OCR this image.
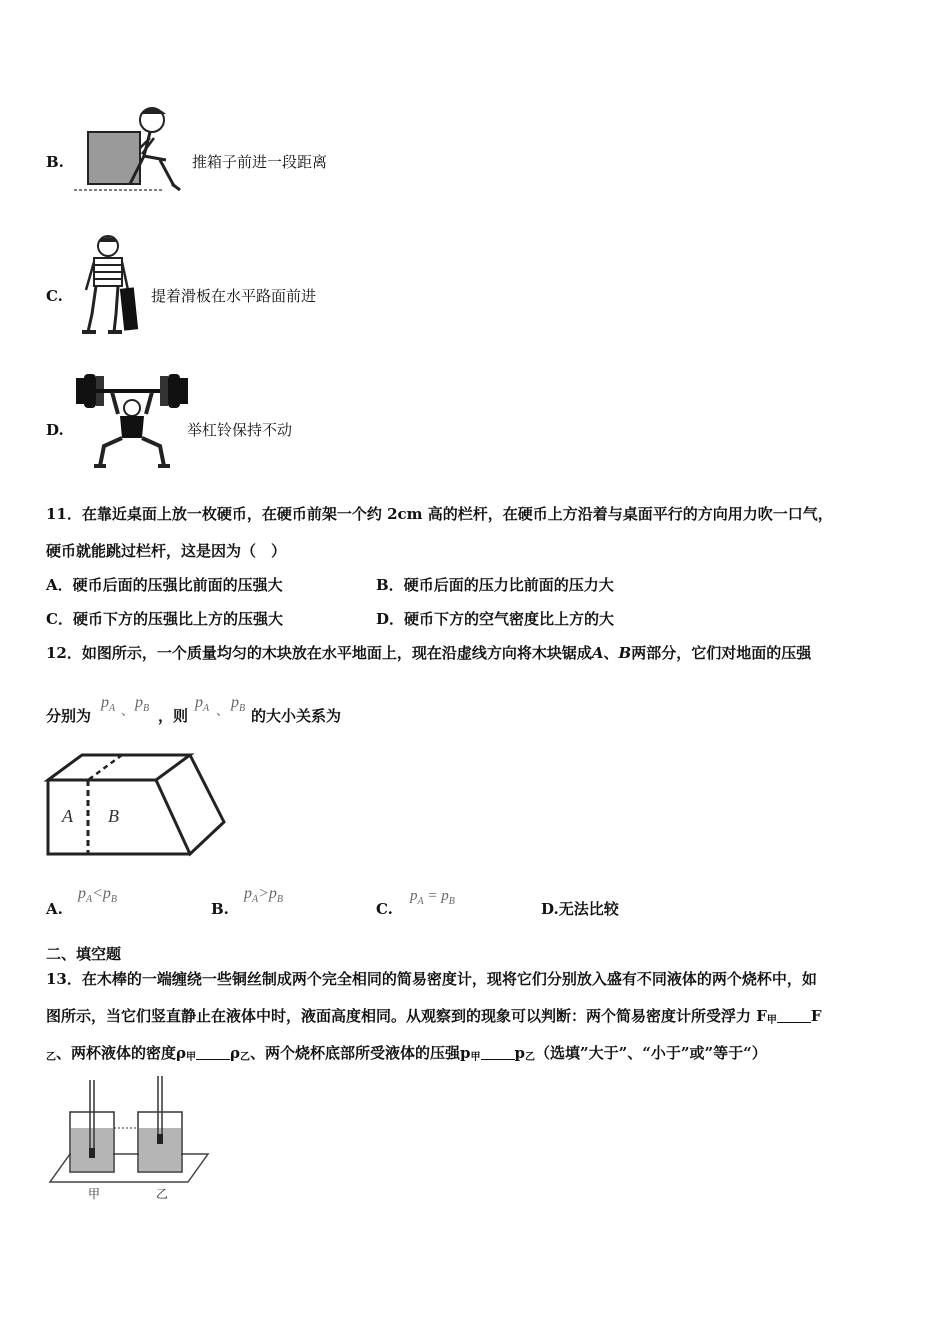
B.	推箱子前进一段距离
C.	提着滑板在水平路面前进
D.	举杠铃保持不动
11．在靠近桌面上放一枚硬币，在硬币前架一个约 2cm 高的栏杆，在硬币上方沿着与桌面平行的方向用力吹一口气，
硬币就能跳过栏杆，这是因为（　）
A．硬币后面的压强比前面的压强大	B．硬币后面的压力比前面的压力大
C．硬币下方的压强比上方的压强大	D．硬币下方的空气密度比上方的大
12．如图所示，一个质量均匀的木块放在水平地面上，现在沿虚线方向将木块锯成A、B两部分，它们对地面的压强
分别为
$p_A$ 、
$p_B$ ，则
$p_A$ 、
$p_B$ 的大小关系为
A B
A.
$p_A<p_B$
B.
$p_A>p_B$
C.
$p_A = p_B$	D.无法比较
二、填空题
13．在木棒的一端缠绕一些铜丝制成两个完全相同的简易密度计，现将它们分别放入盛有不同液体的两个烧杯中，如
图所示，当它们竖直静止在液体中时，液面高度相同。从观察到的现象可以判断：两个简易密度计所受浮力 F甲 F
乙、两杯液体的密度ρ甲 ρ乙、两个烧杯底部所受液体的压强p甲 p乙（选填”大于”、“小于”或”等于“）
甲	乙
